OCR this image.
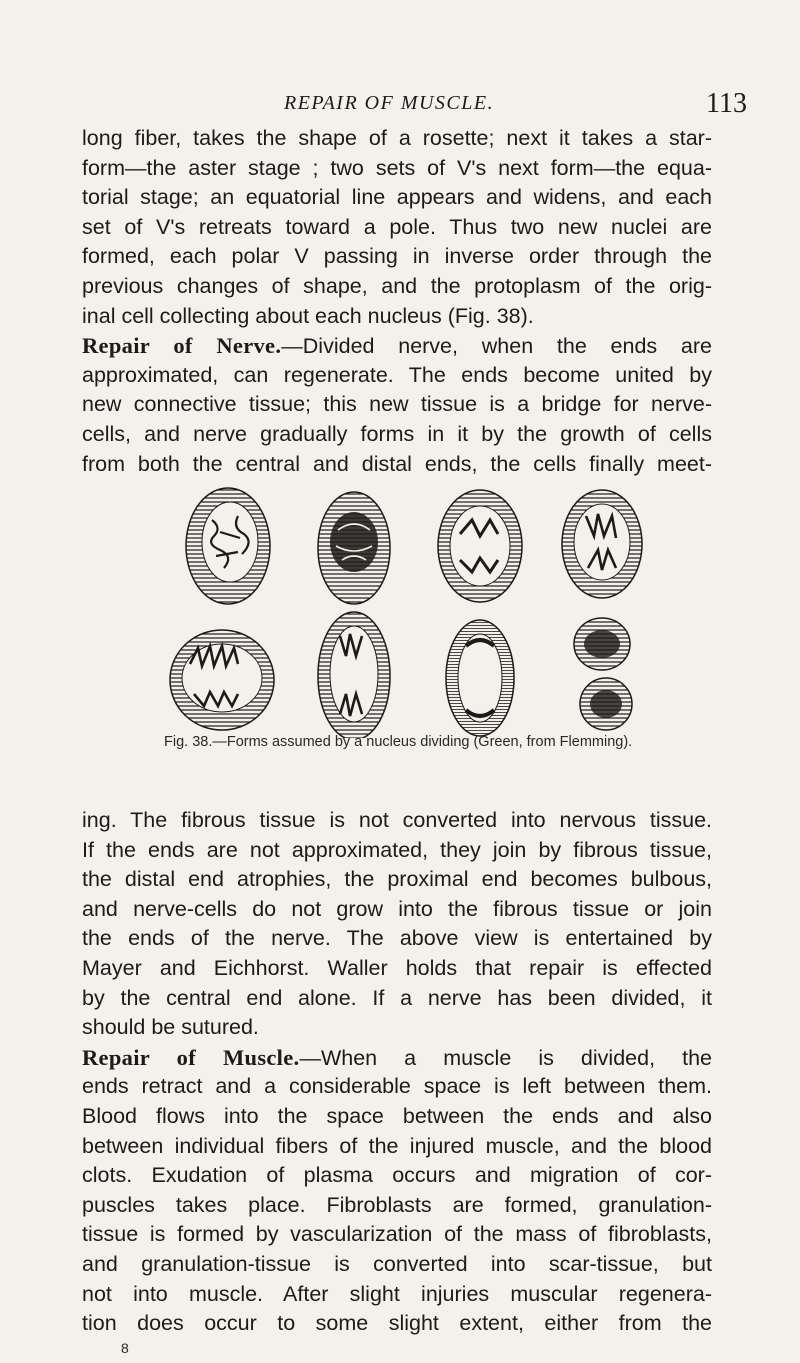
REPAIR OF MUSCLE.	113
long fiber, takes the shape of a rosette; next it takes a star-
form—the aster stage ; two sets of V's next form—the equa-
torial stage; an equatorial line appears and widens, and each
set of V's retreats toward a pole. Thus two new nuclei are
formed, each polar V passing in inverse order through the
previous changes of shape, and the protoplasm of the orig-
inal cell collecting about each nucleus (Fig. 38).
Repair of Nerve.—Divided nerve, when the ends are
approximated, can regenerate. The ends become united by
new connective tissue; this new tissue is a bridge for nerve-
cells, and nerve gradually forms in it by the growth of cells
from both the central and distal ends, the cells finally meet-
Fig. 38.—Forms assumed by a nucleus dividing (Green, from Flemming).
ing. The fibrous tissue is not converted into nervous tissue.
If the ends are not approximated, they join by fibrous tissue,
the distal end atrophies, the proximal end becomes bulbous,
and nerve-cells do not grow into the fibrous tissue or join
the ends of the nerve. The above view is entertained by
Mayer and Eichhorst. Waller holds that repair is effected
by the central end alone. If a nerve has been divided, it
should be sutured.
Repair of Muscle.—When a muscle is divided, the
ends retract and a considerable space is left between them.
Blood flows into the space between the ends and also
between individual fibers of the injured muscle, and the blood
clots. Exudation of plasma occurs and migration of cor-
puscles takes place. Fibroblasts are formed, granulation-
tissue is formed by vascularization of the mass of fibroblasts,
and granulation-tissue is converted into scar-tissue, but
not into muscle. After slight injuries muscular regenera-
tion does occur to some slight extent, either from the
8
